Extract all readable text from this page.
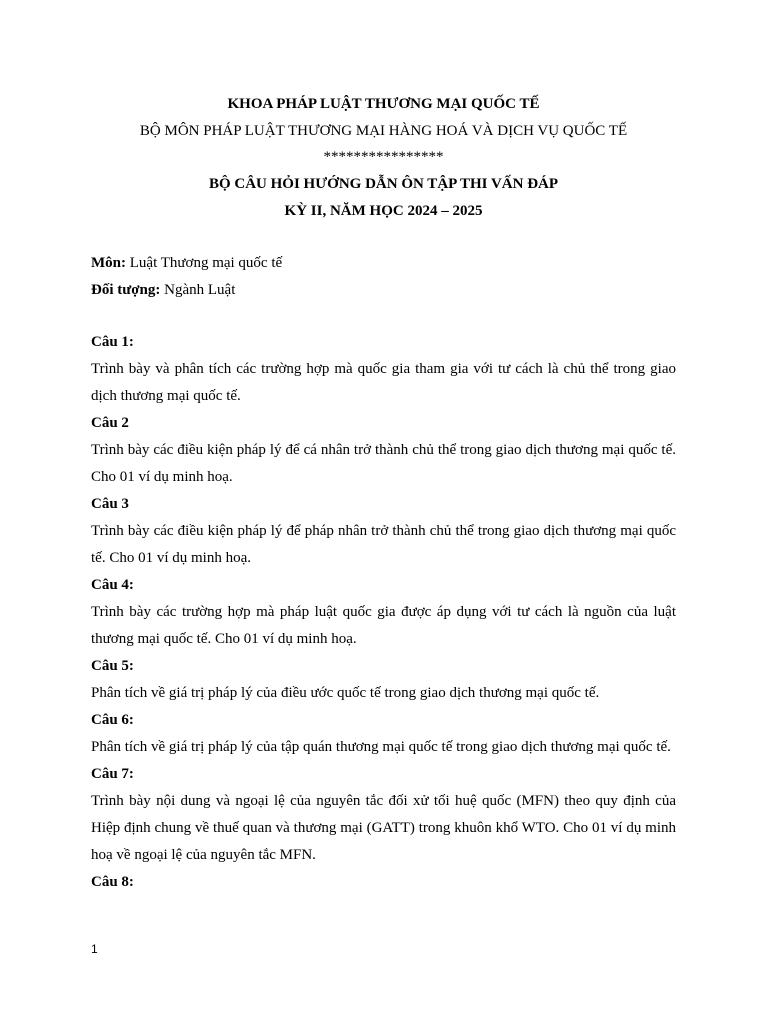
KHOA PHÁP LUẬT THƯƠNG MẠI QUỐC TẾ
BỘ MÔN PHÁP LUẬT THƯƠNG MẠI HÀNG HOÁ VÀ DỊCH VỤ QUỐC TẾ
****************
BỘ CÂU HỎI HƯỚNG DẪN ÔN TẬP THI VẤN ĐÁP
KỲ II, NĂM HỌC 2024 – 2025
Môn: Luật Thương mại quốc tế
Đối tượng: Ngành Luật
Câu 1:
Trình bày và phân tích các trường hợp mà quốc gia tham gia với tư cách là chủ thể trong giao dịch thương mại quốc tế.
Câu 2
Trình bày các điều kiện pháp lý để cá nhân trở thành chủ thể trong giao dịch thương mại quốc tế. Cho 01 ví dụ minh hoạ.
Câu 3
Trình bày các điều kiện pháp lý để pháp nhân trở thành chủ thể trong giao dịch thương mại quốc tế. Cho 01 ví dụ minh hoạ.
Câu 4:
Trình bày các trường hợp mà pháp luật quốc gia được áp dụng với tư cách là nguồn của luật thương mại quốc tế. Cho 01 ví dụ minh hoạ.
Câu 5:
Phân tích về giá trị pháp lý của điều ước quốc tế trong giao dịch thương mại quốc tế.
Câu 6:
Phân tích về giá trị pháp lý của tập quán thương mại quốc tế trong giao dịch thương mại quốc tế.
Câu 7:
Trình bày nội dung và ngoại lệ của nguyên tắc đối xử tối huệ quốc (MFN) theo quy định của Hiệp định chung về thuế quan và thương mại (GATT) trong khuôn khổ WTO. Cho 01 ví dụ minh hoạ về ngoại lệ của nguyên tắc MFN.
Câu 8:
1
